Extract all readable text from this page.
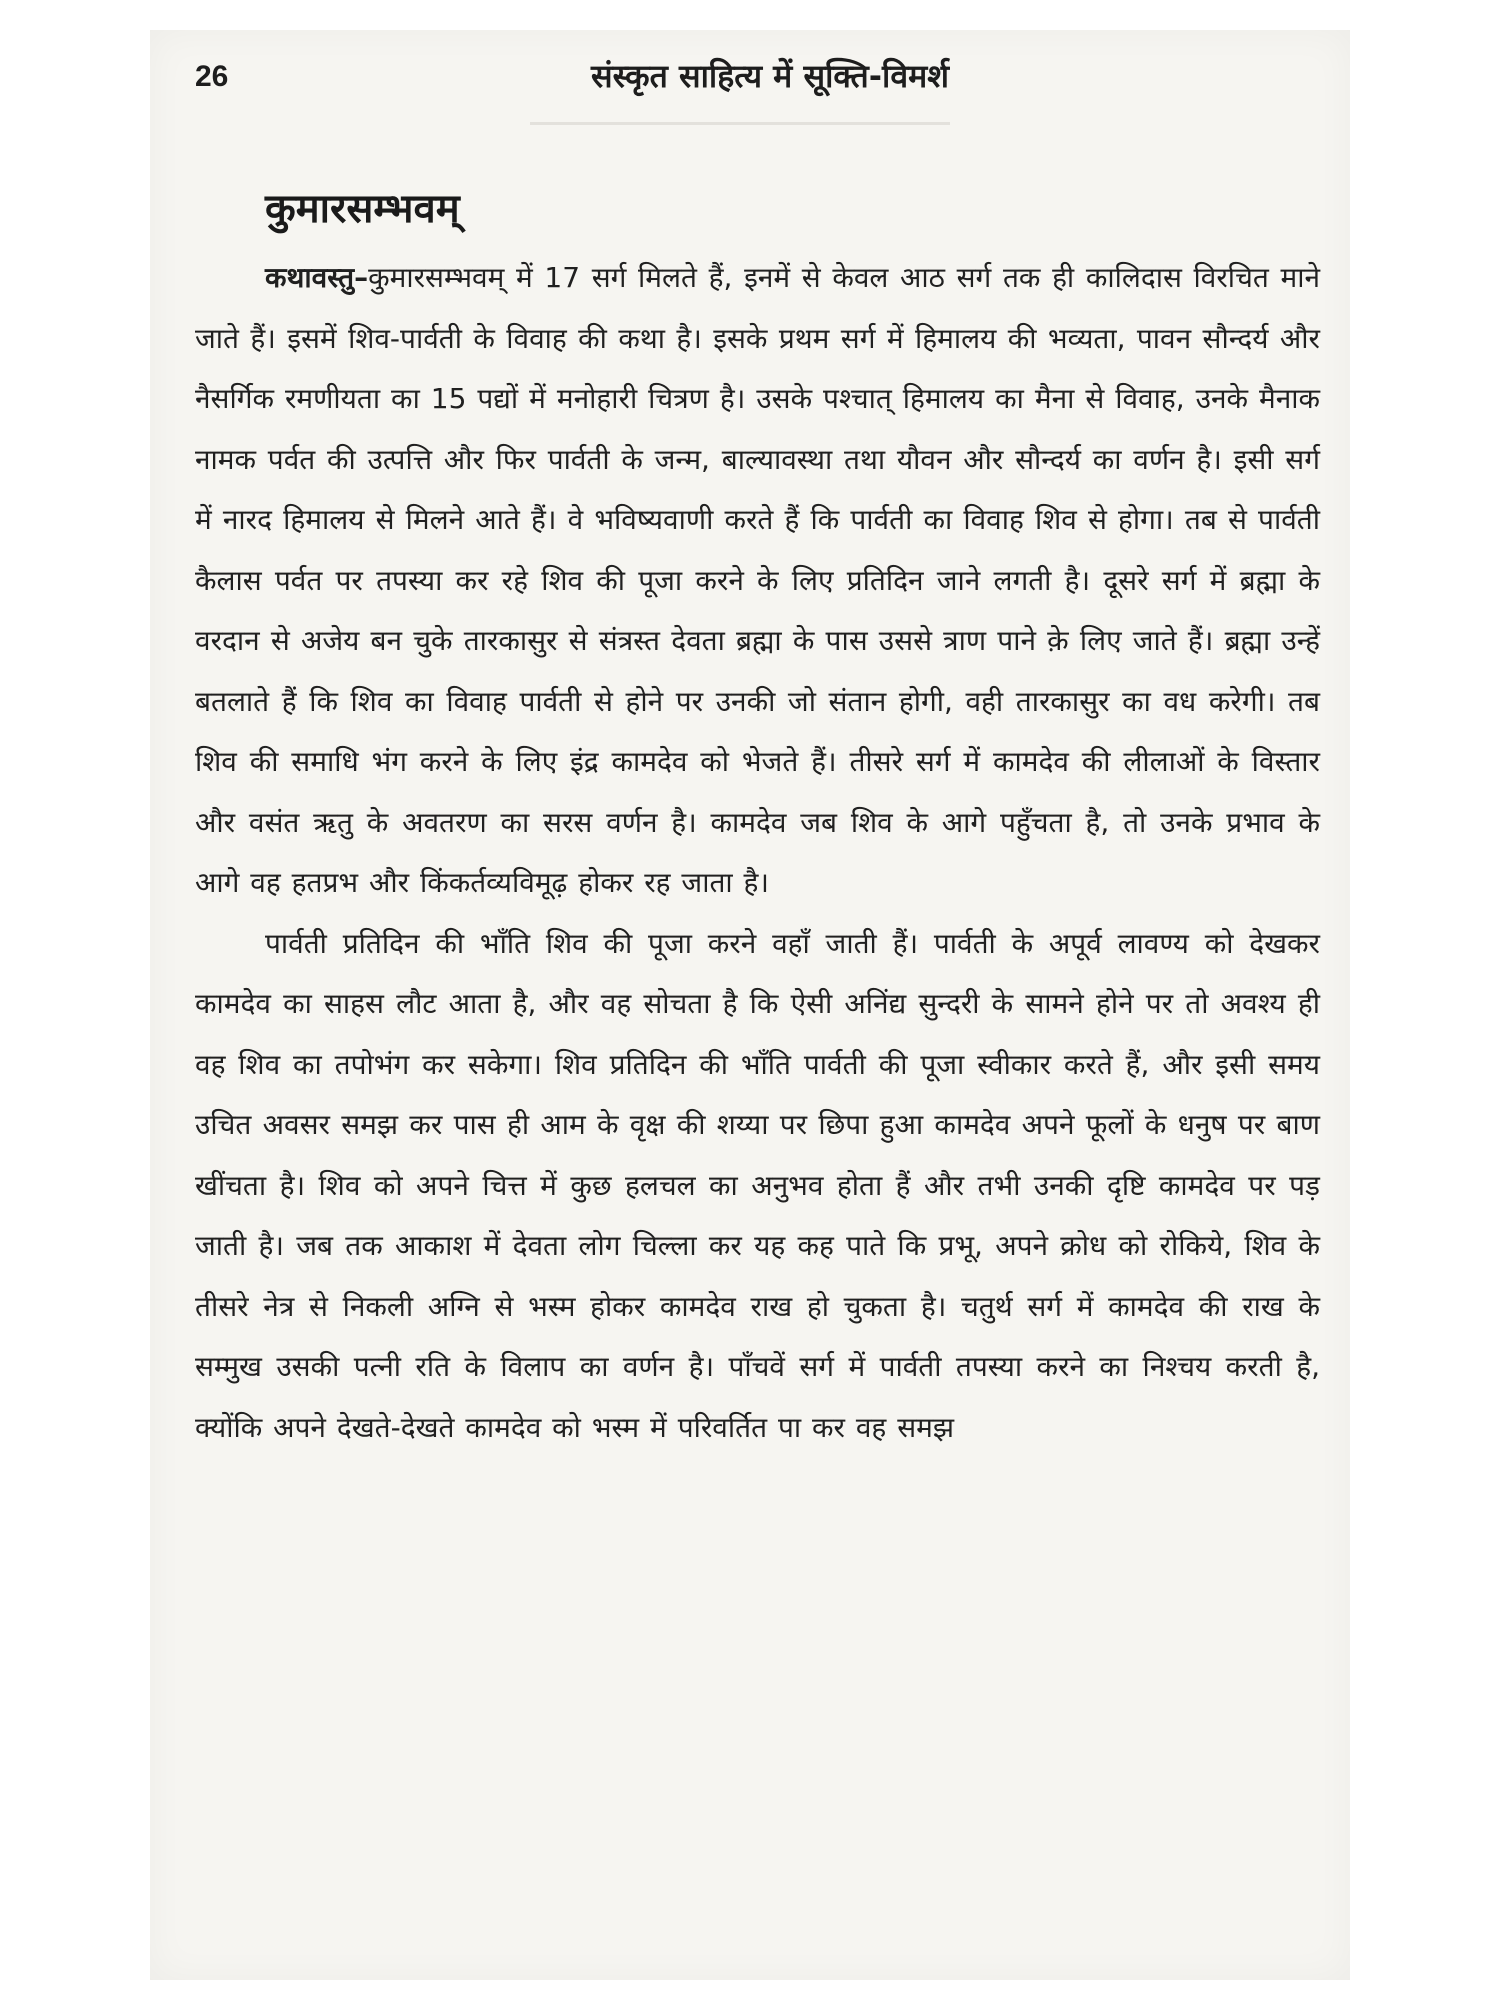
26	संस्कृत साहित्य में सूक्ति-विमर्श
कुमारसम्भवम्

कथावस्तु–कुमारसम्भवम् में 17 सर्ग मिलते हैं, इनमें से केवल आठ सर्ग तक ही कालिदास विरचित माने जाते हैं। इसमें शिव-पार्वती के विवाह की कथा है। इसके प्रथम सर्ग में हिमालय की भव्यता, पावन सौन्दर्य और नैसर्गिक रमणीयता का 15 पद्यों में मनोहारी चित्रण है। उसके पश्चात् हिमालय का मैना से विवाह, उनके मैनाक नामक पर्वत की उत्पत्ति और फिर पार्वती के जन्म, बाल्यावस्था तथा यौवन और सौन्दर्य का वर्णन है। इसी सर्ग में नारद हिमालय से मिलने आते हैं। वे भविष्यवाणी करते हैं कि पार्वती का विवाह शिव से होगा। तब से पार्वती कैलास पर्वत पर तपस्या कर रहे शिव की पूजा करने के लिए प्रतिदिन जाने लगती है। दूसरे सर्ग में ब्रह्मा के वरदान से अजेय बन चुके तारकासुर से संत्रस्त देवता ब्रह्मा के पास उससे त्राण पाने क़े लिए जाते हैं। ब्रह्मा उन्हें बतलाते हैं कि शिव का विवाह पार्वती से होने पर उनकी जो संतान होगी, वही तारकासुर का वध करेगी। तब शिव की समाधि भंग करने के लिए इंद्र कामदेव को भेजते हैं। तीसरे सर्ग में कामदेव की लीलाओं के विस्तार और वसंत ऋतु के अवतरण का सरस वर्णन है। कामदेव जब शिव के आगे पहुँचता है, तो उनके प्रभाव के आगे वह हतप्रभ और किंकर्तव्यविमूढ़ होकर रह जाता है।

पार्वती प्रतिदिन की भाँति शिव की पूजा करने वहाँ जाती हैं। पार्वती के अपूर्व लावण्य को देखकर कामदेव का साहस लौट आता है, और वह सोचता है कि ऐसी अनिंद्य सुन्दरी के सामने होने पर तो अवश्य ही वह शिव का तपोभंग कर सकेगा। शिव प्रतिदिन की भाँति पार्वती की पूजा स्वीकार करते हैं, और इसी समय उचित अवसर समझ कर पास ही आम के वृक्ष की शय्या पर छिपा हुआ कामदेव अपने फूलों के धनुष पर बाण खींचता है। शिव को अपने चित्त में कुछ हलचल का अनुभव होता हैं और तभी उनकी दृष्टि कामदेव पर पड़ जाती है। जब तक आकाश में देवता लोग चिल्ला कर यह कह पाते कि प्रभू, अपने क्रोध को रोकिये, शिव के तीसरे नेत्र से निकली अग्नि से भस्म होकर कामदेव राख हो चुकता है। चतुर्थ सर्ग में कामदेव की राख के सम्मुख उसकी पत्नी रति के विलाप का वर्णन है। पाँचवें सर्ग में पार्वती तपस्या करने का निश्चय करती है, क्योंकि अपने देखते-देखते कामदेव को भस्म में परिवर्तित पा कर वह समझ
